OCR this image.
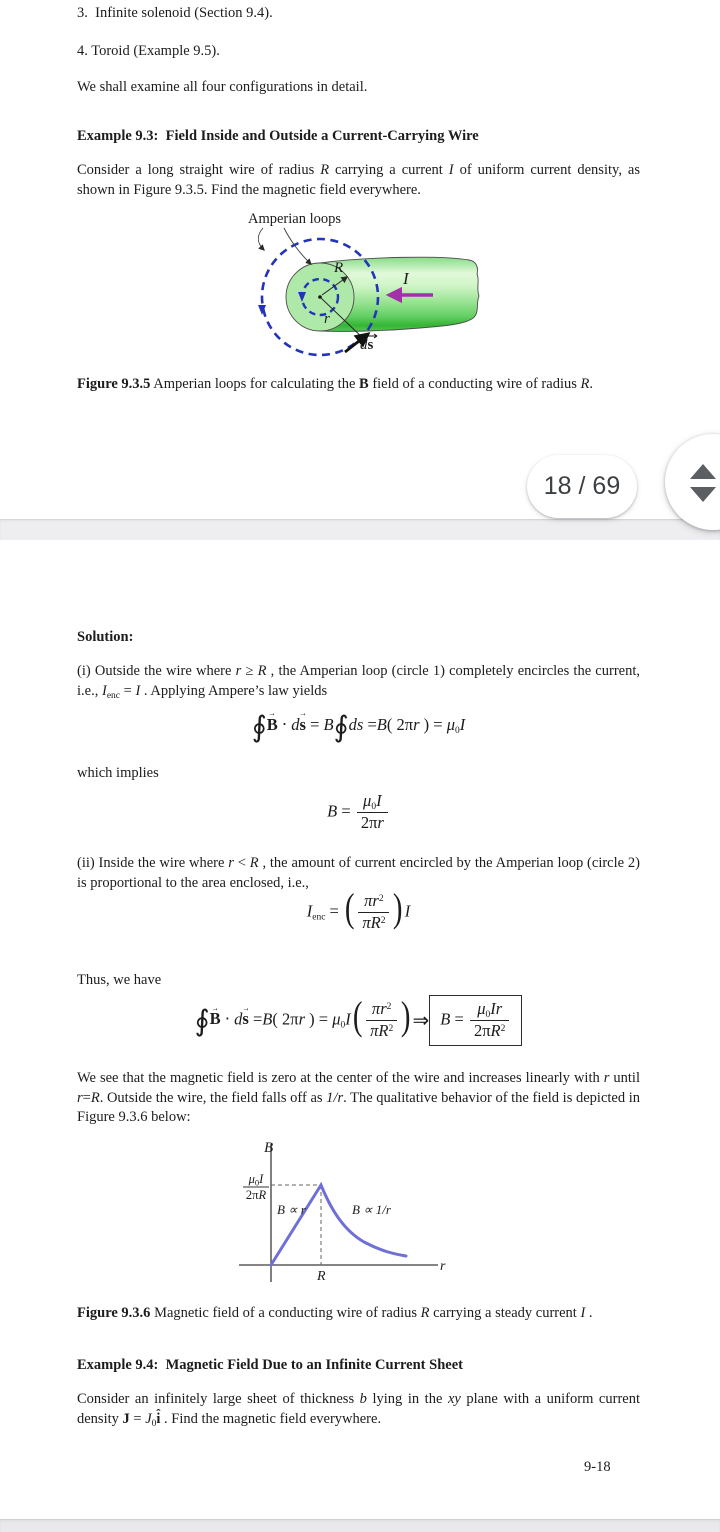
3.  Infinite solenoid (Section 9.4).
4. Toroid (Example 9.5).
We shall examine all four configurations in detail.
Example 9.3:  Field Inside and Outside a Current-Carrying Wire
Consider a long straight wire of radius R carrying a current I of uniform current density, as shown in Figure 9.3.5. Find the magnetic field everywhere.
Amperian loops
R
r
I
ds
Figure 9.3.5 Amperian loops for calculating the B → field of a conducting wire of radius R.
Solution:
(i) Outside the wire where r ≥ R , the Amperian loop (circle 1) completely encircles the current, i.e., $I_{enc} = I$ . Applying Ampere’s law yields
∮B → ⋅ ds → = B∮ds =B( 2πr ) = $\mu_0I$
which implies
$B = \frac{\mu_0I}{2\pi r}$
(ii) Inside the wire where r < R , the amount of current encircled by the Amperian loop (circle 2) is proportional to the area enclosed, i.e.,
$I_{enc}$ = ( $\frac{\pi r^2}{\pi R^2}$ ) I
Thus, we have
∮B → ⋅ ds → =B( 2πr ) = $\mu_0I( \frac{\pi r^2}{\pi R^2}$ ) ⇒ $B = \frac{\mu_0Ir}{2\pi R^2}$
We see that the magnetic field is zero at the center of the wire and increases linearly with r until r=R. Outside the wire, the field falls off as 1/r. The qualitative behavior of the field is depicted in Figure 9.3.6 below:
B
r
R
$\mu_0I$
2πR
B ∝ r	B ∝ 1/r
Figure 9.3.6 Magnetic field of a conducting wire of radius R carrying a steady current I .
Example 9.4:  Magnetic Field Due to an Infinite Current Sheet
Consider an infinitely large sheet of thickness b lying in the xy plane with a uniform current density J → = $J_0i$ ˆ . Find the magnetic field everywhere.
9-18
18 / 69
